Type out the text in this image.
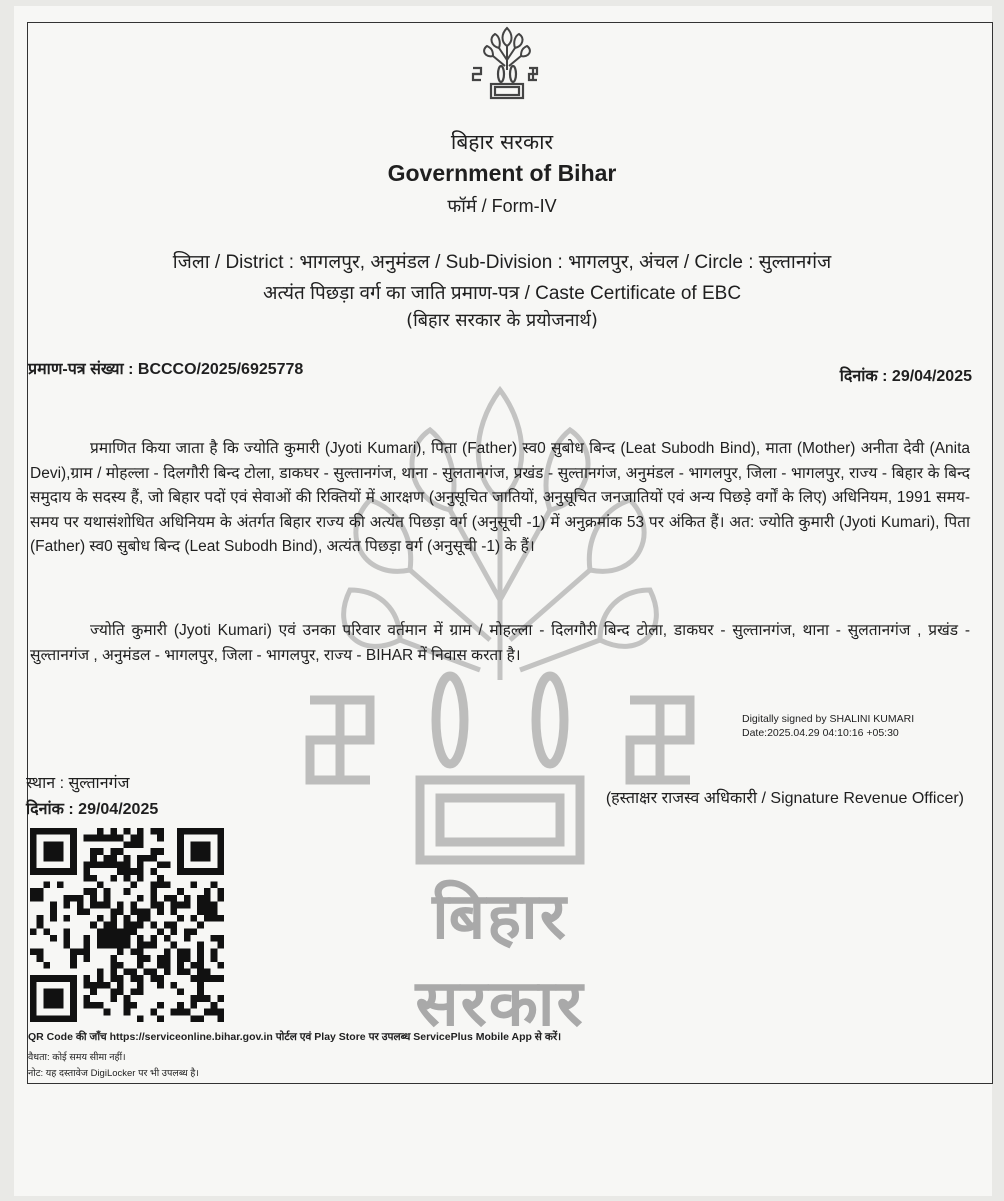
बिहार सरकार
बिहार सरकार
Government of Bihar
फॉर्म / Form-IV
जिला / District : भागलपुर, अनुमंडल / Sub-Division : भागलपुर, अंचल / Circle : सुल्तानगंज
अत्यंत पिछड़ा वर्ग का जाति प्रमाण-पत्र / Caste Certificate of EBC
(बिहार सरकार के प्रयोजनार्थ)
प्रमाण-पत्र संख्या : BCCCO/2025/6925778	दिनांक : 29/04/2025
प्रमाणित किया जाता है कि ज्योति कुमारी (Jyoti Kumari), पिता (Father) स्व0 सुबोध बिन्द (Leat Subodh Bind), माता (Mother) अनीता देवी (Anita Devi),ग्राम / मोहल्ला - दिलगौरी बिन्द टोला, डाकघर - सुल्तानगंज, थाना - सुलतानगंज, प्रखंड - सुल्तानगंज, अनुमंडल - भागलपुर, जिला - भागलपुर, राज्य - बिहार के बिन्द समुदाय के सदस्य हैं, जो बिहार पदों एवं सेवाओं की रिक्तियों में आरक्षण (अनुसूचित जातियों, अनुसूचित जनजातियों एवं अन्य पिछड़े वर्गों के लिए) अधिनियम, 1991 समय-समय पर यथासंशोधित अधिनियम के अंतर्गत बिहार राज्य की अत्यंत पिछड़ा वर्ग (अनुसूची -1) में अनुक्रमांक 53 पर अंकित हैं। अत: ज्योति कुमारी (Jyoti Kumari), पिता (Father) स्व0 सुबोध बिन्द (Leat Subodh Bind), अत्यंत पिछड़ा वर्ग (अनुसूची -1) के हैं।
ज्योति कुमारी (Jyoti Kumari) एवं उनका परिवार वर्तमान में ग्राम / मोहल्ला - दिलगौरी बिन्द टोला, डाकघर - सुल्तानगंज, थाना - सुलतानगंज , प्रखंड - सुल्तानगंज , अनुमंडल - भागलपुर, जिला - भागलपुर, राज्य - BIHAR में निवास करता है।
Digitally signed by SHALINI KUMARI
Date:2025.04.29 04:10:16 +05:30
स्थान : सुल्तानगंज
दिनांक : 29/04/2025
(हस्ताक्षर राजस्व अधिकारी / Signature Revenue Officer)
QR Code की जाँच https://serviceonline.bihar.gov.in पोर्टल एवं Play Store पर उपलब्ध ServicePlus Mobile App से करें।
वैधता: कोई समय सीमा नहीं।
नोट: यह दस्तावेज DigiLocker पर भी उपलब्ध है।
